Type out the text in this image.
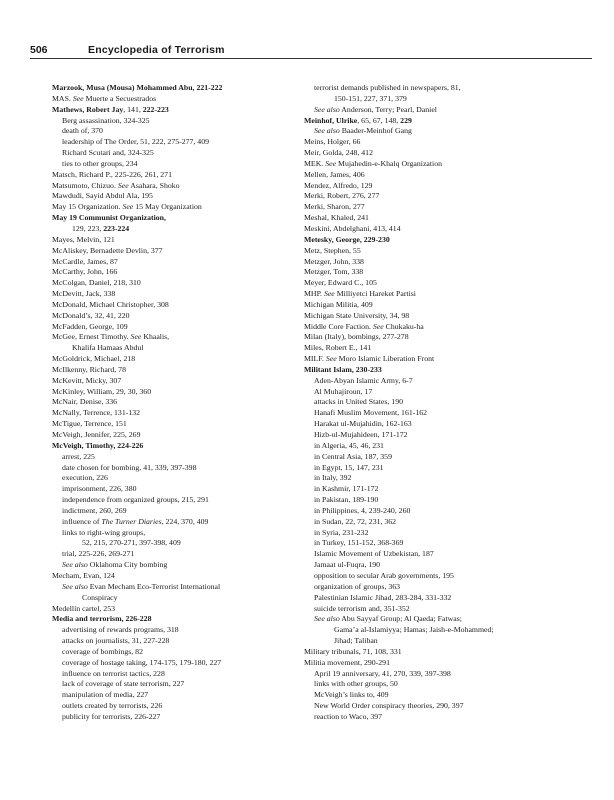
506	Encyclopedia of Terrorism
Marzook, Musa (Mousa) Mohammed Abu, 221-222
MAS. See Muerte a Secuestrados
Mathews, Robert Jay, 141, 222-223
Berg assassination, 324-325
death of, 370
leadership of The Order, 51, 222, 275-277, 409
Richard Scutari and, 324-325
ties to other groups, 234
Matsch, Richard P., 225-226, 261, 271
Matsumoto, Chizuo. See Asahara, Shoko
Mawdudi, Sayid Abdul Ala, 195
May 15 Organization. See 15 May Organization
May 19 Communist Organization,
129, 223, 223-224
Mayes, Melvin, 121
McAliskey, Bernadette Devlin, 377
McCardle, James, 87
McCarthy, John, 166
McColgan, Daniel, 218, 310
McDevitt, Jack, 338
McDonald, Michael Christopher, 308
McDonald’s, 32, 41, 220
McFadden, George, 109
McGee, Ernest Timothy. See Khaalis,
Khalifa Hamaas Abdul
McGoldrick, Michael, 218
McIlkenny, Richard, 78
McKevitt, Micky, 307
McKinley, William, 29, 30, 360
McNair, Denise, 336
McNally, Terrence, 131-132
McTigue, Terrence, 151
McVeigh, Jennifer, 225, 269
McVeigh, Timothy, 224-226
arrest, 225
date chosen for bombing, 41, 339, 397-398
execution, 226
imprisonment, 226, 380
independence from organized groups, 215, 291
indictment, 260, 269
influence of The Turner Diaries, 224, 370, 409
links to right-wing groups,
52, 215, 270-271, 397-398, 409
trial, 225-226, 269-271
See also Oklahoma City bombing
Mecham, Evan, 124
See also Evan Mecham Eco-Terrorist International
Conspiracy
Medellín cartel, 253
Media and terrorism, 226-228
advertising of rewards programs, 318
attacks on journalists, 31, 227-228
coverage of bombings, 82
coverage of hostage taking, 174-175, 179-180, 227
influence on terrorist tactics, 228
lack of coverage of state terrorism, 227
manipulation of media, 227
outlets created by terrorists, 226
publicity for terrorists, 226-227
terrorist demands published in newspapers, 81,
150-151, 227, 371, 379
See also Anderson, Terry; Pearl, Daniel
Meinhof, Ulrike, 65, 67, 148, 229
See also Baader-Meinhof Gang
Meins, Holger, 66
Meir, Golda, 248, 412
MEK. See Mujahedin-e-Khalq Organization
Mellen, James, 406
Mendez, Alfredo, 129
Merki, Robert, 276, 277
Merki, Sharon, 277
Meshal, Khaled, 241
Meskini, Abdelghani, 413, 414
Metesky, George, 229-230
Metz, Stephen, 55
Metzger, John, 338
Metzger, Tom, 338
Meyer, Edward C., 105
MHP. See Milliyetci Hareket Partisi
Michigan Militia, 409
Michigan State University, 34, 98
Middle Core Faction. See Chukaku-ha
Milan (Italy), bombings, 277-278
Miles, Robert E., 141
MILF. See Moro Islamic Liberation Front
Militant Islam, 230-233
Aden-Abyan Islamic Army, 6-7
Al Muhajiroun, 17
attacks in United States, 190
Hanafi Muslim Movement, 161-162
Harakat ul-Mujahidin, 162-163
Hizb-ul-Mujahideen, 171-172
in Algeria, 45, 46, 231
in Central Asia, 187, 359
in Egypt, 15, 147, 231
in Italy, 392
in Kashmir, 171-172
in Pakistan, 189-190
in Philippines, 4, 239-240, 260
in Sudan, 22, 72, 231, 362
in Syria, 231-232
in Turkey, 151-152, 368-369
Islamic Movement of Uzbekistan, 187
Jamaat ul-Fuqra, 190
opposition to secular Arab governments, 195
organization of groups, 363
Palestinian Islamic Jihad, 283-284, 331-332
suicide terrorism and, 351-352
See also Abu Sayyaf Group; Al Qaeda; Fatwas;
Gama’a al-Islamiyya; Hamas; Jaish-e-Mohammed;
Jihad; Taliban
Military tribunals, 71, 108, 331
Militia movement, 290-291
April 19 anniversary, 41, 270, 339, 397-398
links with other groups, 50
McVeigh’s links to, 409
New World Order conspiracy theories, 290, 397
reaction to Waco, 397
